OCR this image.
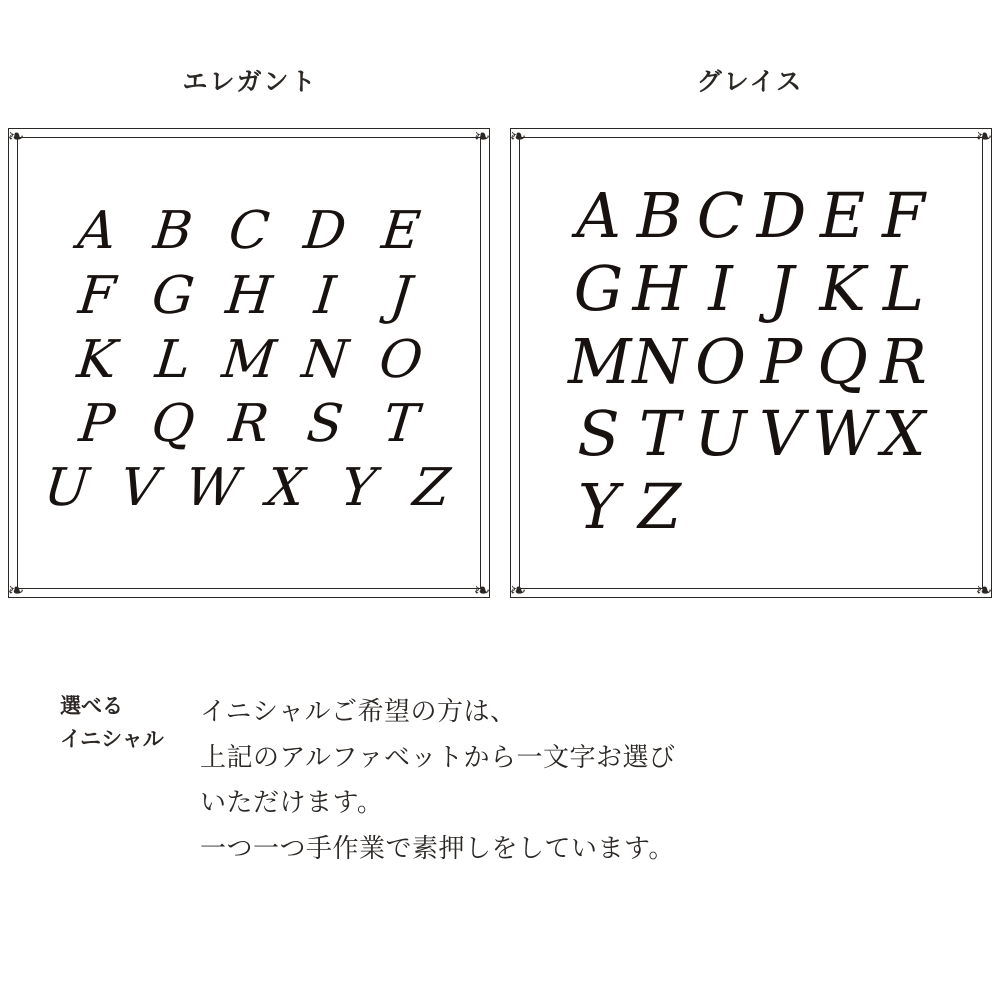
エレガント	グレイス
❧	❧
❧	❧
A B C D E
F G H I J
K L M N O
P Q R S T
U V W X Y Z
❧	❧
❧	❧
A B C D E F
G H I J K L
M N O P Q R
S T U V W X
Y Z
選べる
イニシャル

イニシャルご希望の方は、

上記のアルファベットから一文字お選び

いただけます。

一つ一つ手作業で素押しをしています。
